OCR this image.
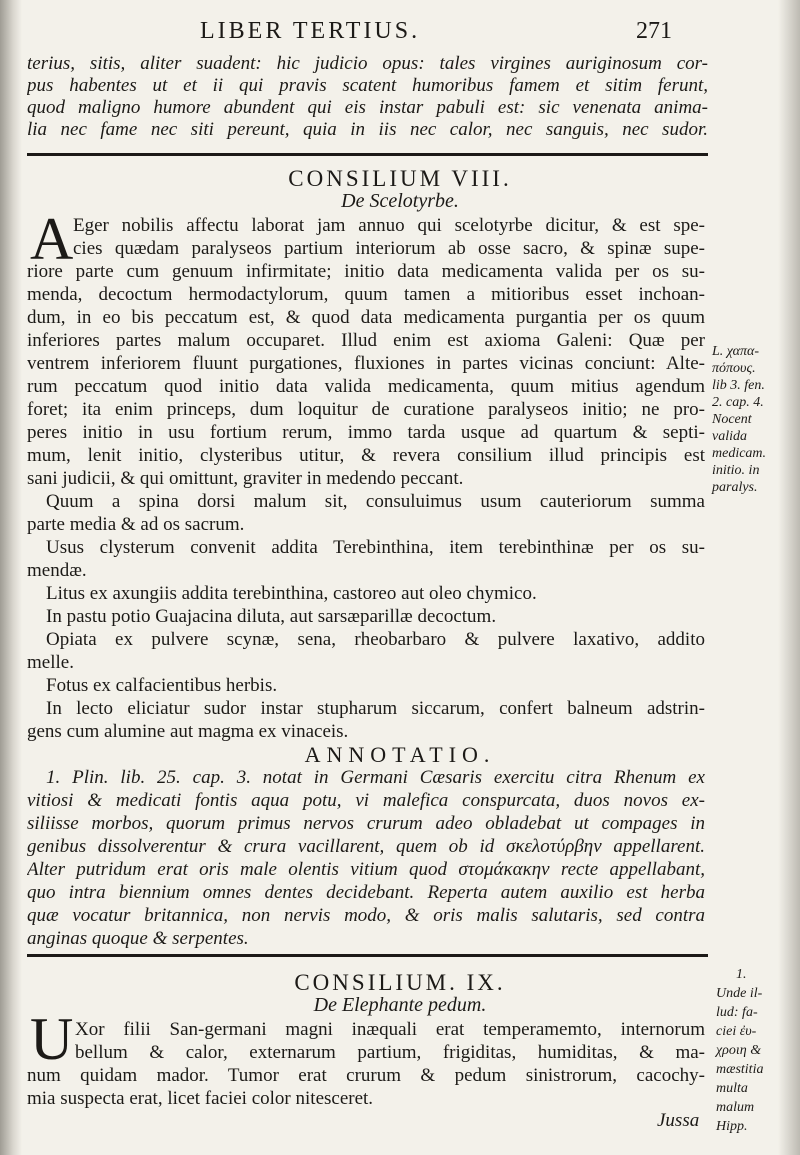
LIBER TERTIUS.	271
terius, sitis, aliter suadent: hic judicio opus: tales virgines auriginosum cor-
pus habentes ut et ii qui pravis scatent humoribus famem et sitim ferunt,
quod maligno humore abundent qui eis instar pabuli est: sic venenata anima-
lia nec fame nec siti pereunt, quia in iis nec calor, nec sanguis, nec sudor.
CONSILIUM VIII.
De Scelotyrbe.
A Eger nobilis affectu laborat jam annuo qui scelotyrbe dicitur, & est spe-
cies quædam paralyseos partium interiorum ab osse sacro, & spinæ supe-
riore parte cum genuum infirmitate; initio data medicamenta valida per os su-
menda, decoctum hermodactylorum, quum tamen a mitioribus esset inchoan-
dum, in eo bis peccatum est, & quod data medicamenta purgantia per os quum
inferiores partes malum occuparet. Illud enim est axioma Galeni: Quæ per
ventrem inferiorem fluunt purgationes, fluxiones in partes vicinas conciunt: Alte-
rum peccatum quod initio data valida medicamenta, quum mitius agendum
foret; ita enim princeps, dum loquitur de curatione paralyseos initio; ne pro-
peres initio in usu fortium rerum, immo tarda usque ad quartum & septi-
mum, lenit initio, clysteribus utitur, & revera consilium illud principis est
sani judicii, & qui omittunt, graviter in medendo peccant.
Quum a spina dorsi malum sit, consuluimus usum cauteriorum summa
parte media & ad os sacrum.
Usus clysterum convenit addita Terebinthina, item terebinthinæ per os su-
mendæ.
Litus ex axungiis addita terebinthina, castoreo aut oleo chymico.
In pastu potio Guajacina diluta, aut sarsæparillæ decoctum.
Opiata ex pulvere scynæ, sena, rheobarbaro & pulvere laxativo, addito
melle.
Fotus ex calfacientibus herbis.
In lecto eliciatur sudor instar stupharum siccarum, confert balneum adstrin-
gens cum alumine aut magma ex vinaceis.
L. χαπα-
πόπους.
lib 3. fen.
2. cap. 4.
Nocent
valida
medicam.
initio. in
paralys.
ANNOTATIO.
1. Plin. lib. 25. cap. 3. notat in Germani Cæsaris exercitu citra Rhenum ex
vitiosi & medicati fontis aqua potu, vi malefica conspurcata, duos novos ex-
siliisse morbos, quorum primus nervos crurum adeo obladebat ut compages in
genibus dissolverentur & crura vacillarent, quem ob id σκελοτύρβην appellarent.
Alter putridum erat oris male olentis vitium quod στομάκακην recte appellabant,
quo intra biennium omnes dentes decidebant. Reperta autem auxilio est herba
quæ vocatur britannica, non nervis modo, & oris malis salutaris, sed contra
anginas quoque & serpentes.
CONSILIUM. IX.
De Elephante pedum.
U Xor filii San-germani magni inæquali erat temperamemto, internorum
bellum & calor, externarum partium, frigiditas, humiditas, & ma-
num quidam mador. Tumor erat crurum & pedum sinistrorum, cacochy-
mia suspecta erat, licet faciei color nitesceret.
1.
Unde il-
lud: fa-
ciei ἐυ-
χροιη &
mæstitia
multa
malum
Hipp.
Jussa
